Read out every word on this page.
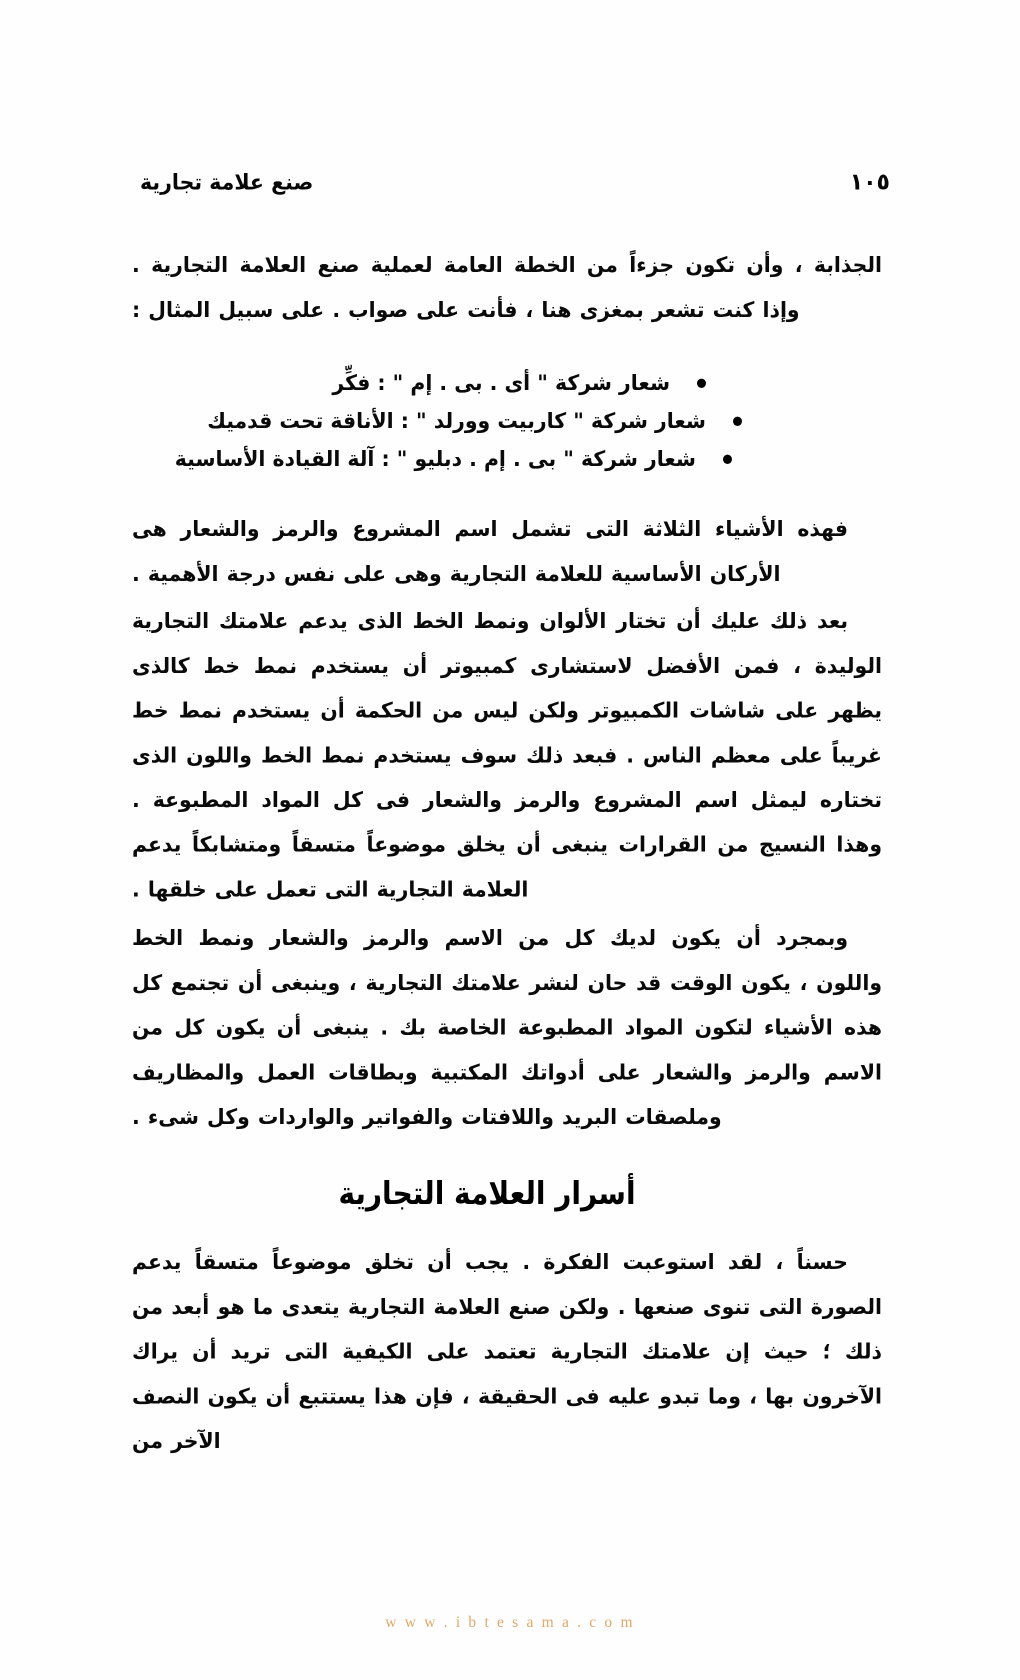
صنع علامة تجارية	١٠٥

الجذابة ، وأن تكون جزءاً من الخطة العامة لعملية صنع العلامة التجارية . وإذا كنت تشعر بمغزى هنا ، فأنت على صواب . على سبيل المثال :

شعار شركة " أى . بى . إم " : فكِّر
شعار شركة " كاربيت وورلد " : الأناقة تحت قدميك
شعار شركة " بى . إم . دبليو " : آلة القيادة الأساسية

فهذه الأشياء الثلاثة التى تشمل اسم المشروع والرمز والشعار هى الأركان الأساسية للعلامة التجارية وهى على نفس درجة الأهمية .

بعد ذلك عليك أن تختار الألوان ونمط الخط الذى يدعم علامتك التجارية الوليدة ، فمن الأفضل لاستشارى كمبيوتر أن يستخدم نمط خط كالذى يظهر على شاشات الكمبيوتر ولكن ليس من الحكمة أن يستخدم نمط خط غريباً على معظم الناس . فبعد ذلك سوف يستخدم نمط الخط واللون الذى تختاره ليمثل اسم المشروع والرمز والشعار فى كل المواد المطبوعة . وهذا النسيج من القرارات ينبغى أن يخلق موضوعاً متسقاً ومتشابكاً يدعم العلامة التجارية التى تعمل على خلقها .

وبمجرد أن يكون لديك كل من الاسم والرمز والشعار ونمط الخط واللون ، يكون الوقت قد حان لنشر علامتك التجارية ، وينبغى أن تجتمع كل هذه الأشياء لتكون المواد المطبوعة الخاصة بك . ينبغى أن يكون كل من الاسم والرمز والشعار على أدواتك المكتبية وبطاقات العمل والمظاريف وملصقات البريد واللافتات والفواتير والواردات وكل شىء .

أسرار العلامة التجارية

حسناً ، لقد استوعبت الفكرة . يجب أن تخلق موضوعاً متسقاً يدعم الصورة التى تنوى صنعها . ولكن صنع العلامة التجارية يتعدى ما هو أبعد من ذلك ؛ حيث إن علامتك التجارية تعتمد على الكيفية التى تريد أن يراك الآخرون بها ، وما تبدو عليه فى الحقيقة ، فإن هذا يستتبع أن يكون النصف الآخر من

w w w . i b t e s a m a . c o m
